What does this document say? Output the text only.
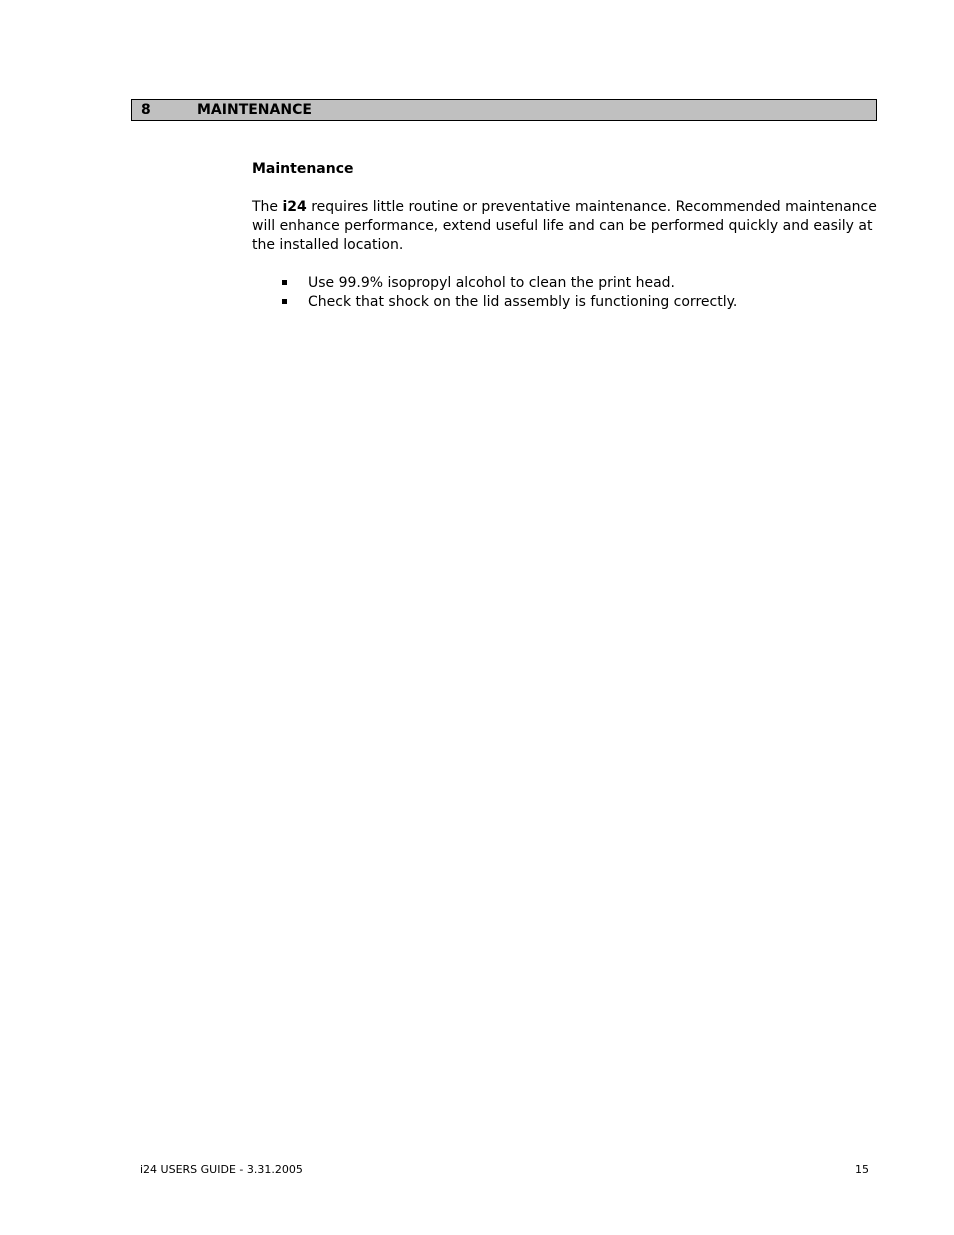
8	MAINTENANCE
Maintenance

The i24 requires little routine or preventative maintenance. Recommended maintenance will enhance performance, extend useful life and can be performed quickly and easily at the installed location.

Use 99.9% isopropyl alcohol to clean the print head.
Check that shock on the lid assembly is functioning correctly.
i24 USERS GUIDE - 3.31.2005	15
